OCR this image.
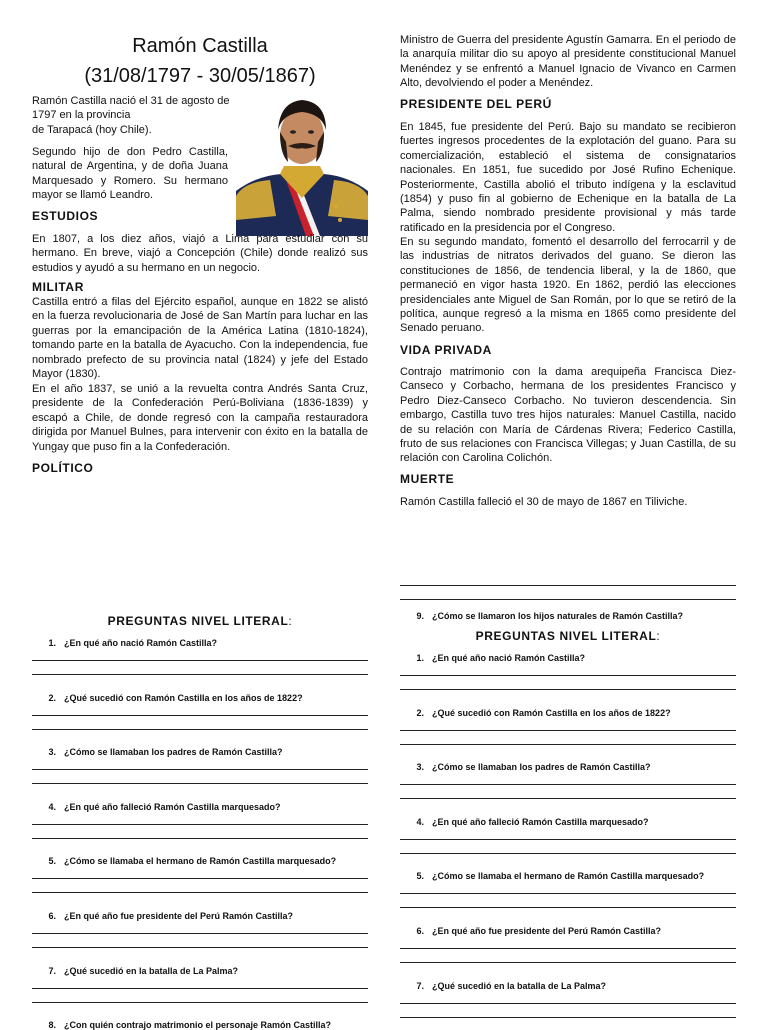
Ramón Castilla
(31/08/1797 - 30/05/1867)

Ramón Castilla nació el 31 de agosto de
1797 en la provincia
de Tarapacá (hoy Chile).

Segundo hijo de don Pedro Castilla, natural de Argentina, y de doña Juana Marquesado y Romero. Su hermano mayor se llamó Leandro.

ESTUDIOS

En 1807, a los diez años, viajó a Lima para estudiar con su hermano. En breve, viajó a Concepción (Chile) donde realizó sus estudios y ayudó a su hermano en un negocio.

MILITAR

Castilla entró a filas del Ejército español, aunque en 1822 se alistó en la fuerza revolucionaria de José de San Martín para luchar en las guerras por la emancipación de la América Latina (1810-1824), tomando parte en la batalla de Ayacucho. Con la independencia, fue nombrado prefecto de su provincia natal (1824) y jefe del Estado Mayor (1830).

En el año 1837, se unió a la revuelta contra Andrés Santa Cruz, presidente de la Confederación Perú-Boliviana (1836-1839) y escapó a Chile, de donde regresó con la campaña restauradora dirigida por Manuel Bulnes, para intervenir con éxito en la batalla de Yungay que puso fin a la Confederación.

POLÍTICO

Ministro de Guerra del presidente Agustín Gamarra. En el periodo de la anarquía militar dio su apoyo al presidente constitucional Manuel Menéndez y se enfrentó a Manuel Ignacio de Vivanco en Carmen Alto, devolviendo el poder a Menéndez.

PRESIDENTE DEL PERÚ

En 1845, fue presidente del Perú. Bajo su mandato se recibieron fuertes ingresos procedentes de la explotación del guano. Para su comercialización, estableció el sistema de consignatarios nacionales. En 1851, fue sucedido por José Rufino Echenique. Posteriormente, Castilla abolió el tributo indígena y la esclavitud (1854) y puso fin al gobierno de Echenique en la batalla de La Palma, siendo nombrado presidente provisional y más tarde ratificado en la presidencia por el Congreso.

En su segundo mandato, fomentó el desarrollo del ferrocarril y de las industrias de nitratos derivados del guano. Se dieron las constituciones de 1856, de tendencia liberal, y la de 1860, que permaneció en vigor hasta 1920. En 1862, perdió las elecciones presidenciales ante Miguel de San Román, por lo que se retiró de la política, aunque regresó a la misma en 1865 como presidente del Senado peruano.

VIDA PRIVADA

Contrajo matrimonio con la dama arequipeña Francisca Diez-Canseco y Corbacho, hermana de los presidentes Francisco y Pedro Diez-Canseco Corbacho. No tuvieron descendencia. Sin embargo, Castilla tuvo tres hijos naturales: Manuel Castilla, nacido de su relación con María de Cárdenas Rivera; Federico Castilla, fruto de sus relaciones con Francisca Villegas; y Juan Castilla, de su relación con Carolina Colichón.

MUERTE

Ramón Castilla falleció el 30 de mayo de 1867 en Tiliviche.

PREGUNTAS NIVEL LITERAL:
1. ¿En qué año nació Ramón Castilla?
2. ¿Qué sucedió con Ramón Castilla en los años de 1822?
3. ¿Cómo se llamaban los padres de Ramón Castilla?
4. ¿En qué año falleció Ramón Castilla marquesado?
5. ¿Cómo se llamaba el hermano de Ramón Castilla marquesado?
6. ¿En qué año fue presidente del Perú Ramón Castilla?
7. ¿Qué sucedió en la batalla de La Palma?
8. ¿Con quién contrajo matrimonio el personaje Ramón Castilla?
1. ¿En qué año nació Ramón Castilla?
2. ¿Qué sucedió con Ramón Castilla en los años de 1822?
3. ¿Cómo se llamaban los padres de Ramón Castilla?
4. ¿En qué año falleció Ramón Castilla marquesado?
5. ¿Cómo se llamaba el hermano de Ramón Castilla marquesado?
6. ¿En qué año fue presidente del Perú Ramón Castilla?
7. ¿Qué sucedió en la batalla de La Palma?
9. ¿Cómo se llamaron los hijos naturales de Ramón Castilla?
PREGUNTAS NIVEL LITERAL:
